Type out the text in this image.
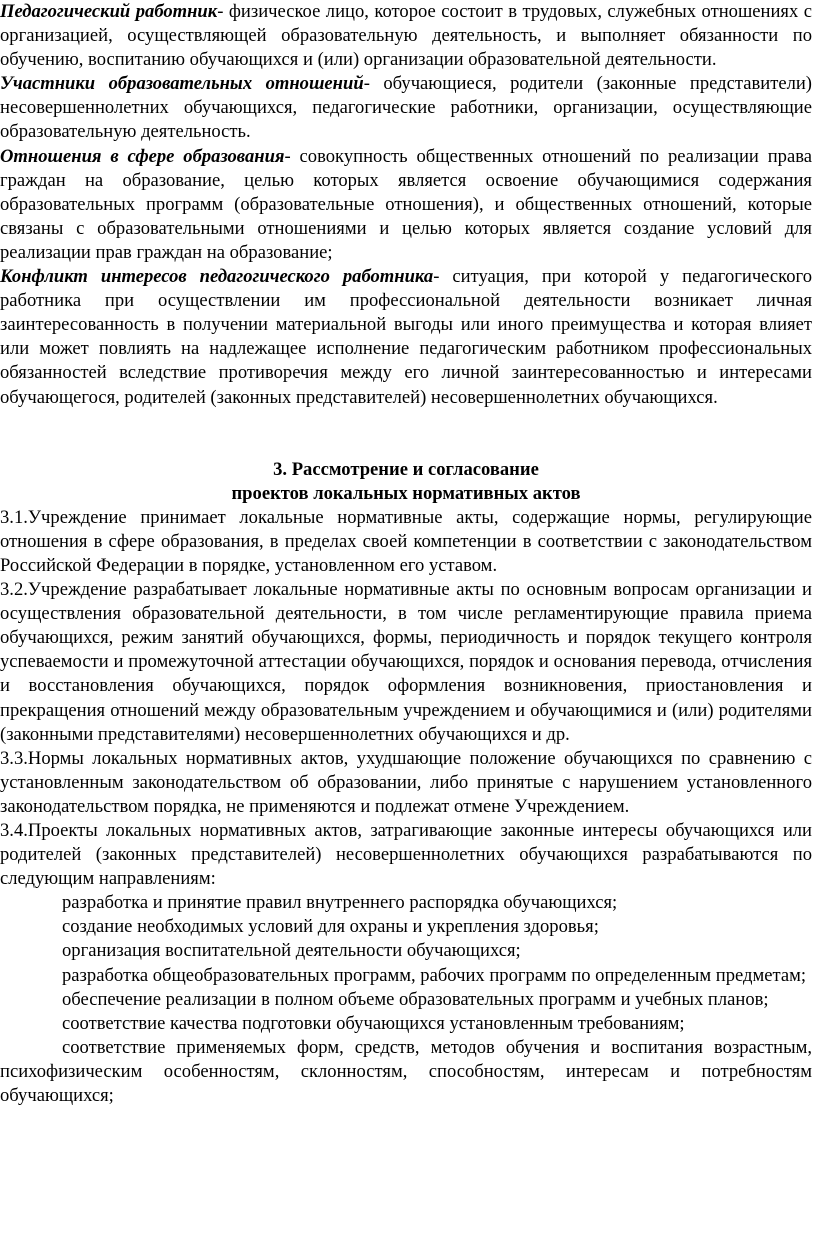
Педагогический работник- физическое лицо, которое состоит в трудовых, служебных отношениях с организацией, осуществляющей образовательную деятельность, и выполняет обязанности по обучению, воспитанию обучающихся и (или) организации образовательной деятельности.

Участники образовательных отношений- обучающиеся, родители (законные представители) несовершеннолетних обучающихся, педагогические работники, организации, осуществляющие образовательную деятельность.

Отношения в сфере образования- совокупность общественных отношений по реализации права граждан на образование, целью которых является освоение обучающимися содержания образовательных программ (образовательные отношения), и общественных отношений, которые связаны с образовательными отношениями и целью которых является создание условий для реализации прав граждан на образование;

Конфликт интересов педагогического работника- ситуация, при которой у педагогического работника при осуществлении им профессиональной деятельности возникает личная заинтересованность в получении материальной выгоды или иного преимущества и которая влияет или может повлиять на надлежащее исполнение педагогическим работником профессиональных обязанностей вследствие противоречия между его личной заинтересованностью и интересами обучающегося, родителей (законных представителей) несовершеннолетних обучающихся.

3. Рассмотрение и согласование
проектов локальных нормативных актов

3.1.Учреждение принимает локальные нормативные акты, содержащие нормы, регулирующие отношения в сфере образования, в пределах своей компетенции в соответствии с законодательством Российской Федерации в порядке, установленном его уставом.

3.2.Учреждение разрабатывает локальные нормативные акты по основным вопросам организации и осуществления образовательной деятельности, в том числе регламентирующие правила приема обучающихся, режим занятий обучающихся, формы, периодичность и порядок текущего контроля успеваемости и промежуточной аттестации обучающихся, порядок и основания перевода, отчисления и восстановления обучающихся, порядок оформления возникновения, приостановления и прекращения отношений между образовательным учреждением и обучающимися и (или) родителями (законными представителями) несовершеннолетних обучающихся и др.

3.3.Нормы локальных нормативных актов, ухудшающие положение обучающихся по сравнению с установленным законодательством об образовании, либо принятые с нарушением установленного законодательством порядка, не применяются и подлежат отмене Учреждением.

3.4.Проекты локальных нормативных актов, затрагивающие законные интересы обучающихся или родителей (законных представителей) несовершеннолетних обучающихся разрабатываются по следующим направлениям:

разработка и принятие правил внутреннего распорядка обучающихся;

создание необходимых условий для охраны и укрепления здоровья;

организация воспитательной деятельности обучающихся;

разработка общеобразовательных программ, рабочих программ по определенным предметам;

обеспечение реализации в полном объеме образовательных программ и учебных планов;

соответствие качества подготовки обучающихся установленным требованиям;

соответствие применяемых форм, средств, методов обучения и воспитания возрастным, психофизическим особенностям, склонностям, способностям, интересам и потребностям обучающихся;
